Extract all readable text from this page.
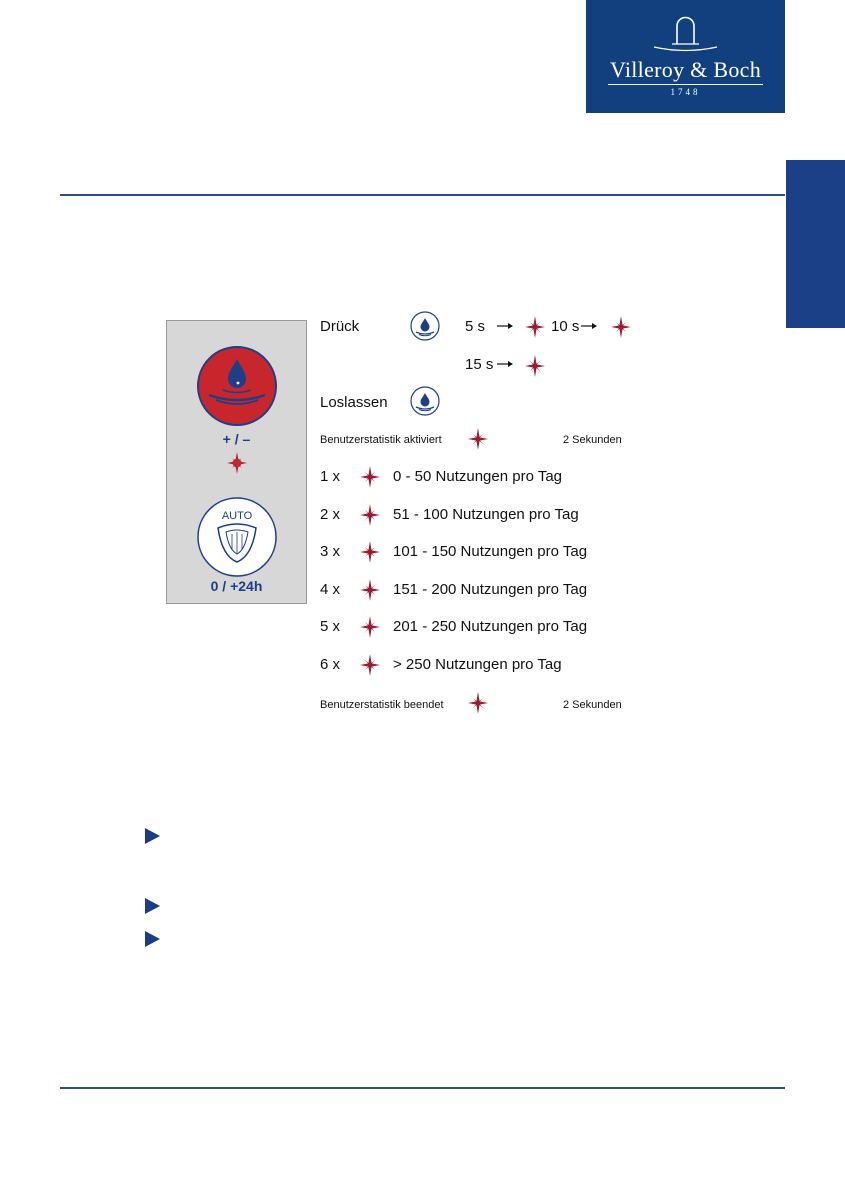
Villeroy & Boch
1748
+ / –
AUTO
0 / +24h
Drück	5 s	10 s
15 s
Loslassen
Benutzerstatistik aktiviert	2 Sekunden
1 x	0 - 50 Nutzungen pro Tag
2 x	51 - 100 Nutzungen pro Tag
3 x	101 - 150 Nutzungen pro Tag
4 x	151 - 200 Nutzungen pro Tag
5 x	201 - 250 Nutzungen pro Tag
6 x	> 250 Nutzungen pro Tag
Benutzerstatistik beendet	2 Sekunden
